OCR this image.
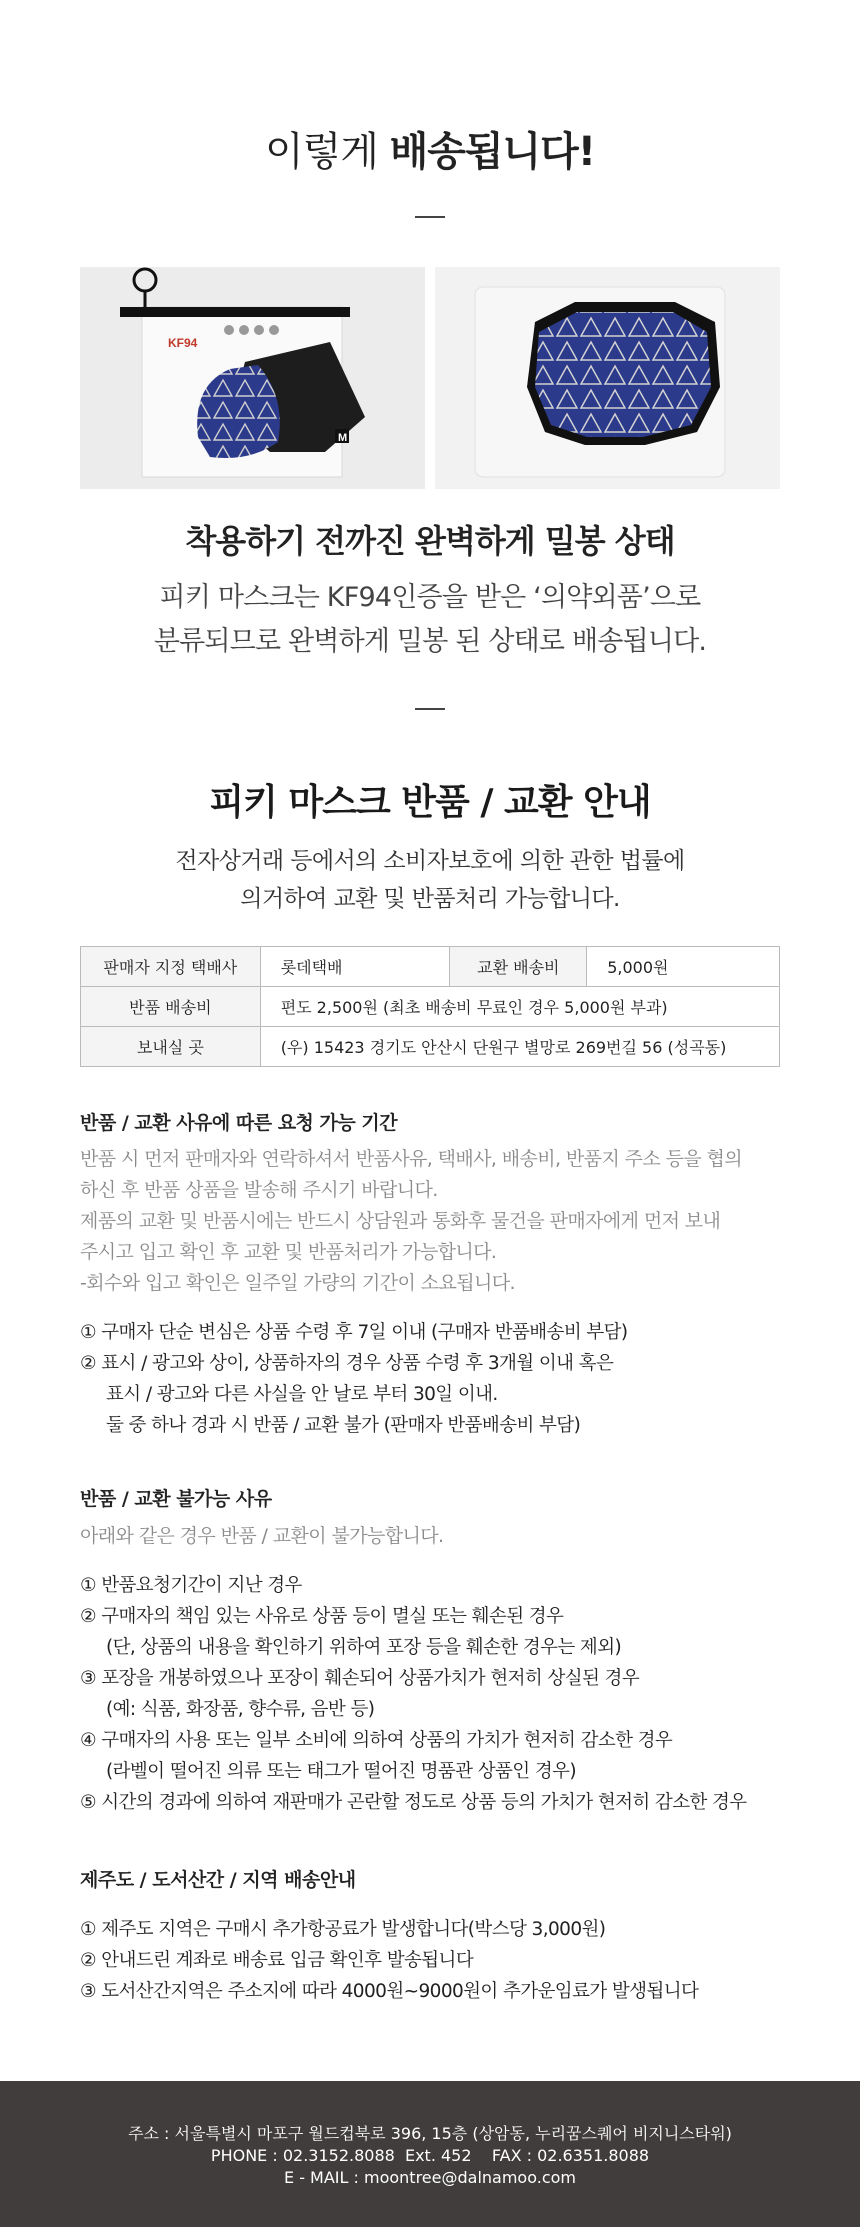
이렇게 배송됩니다!
KF94
M
착용하기 전까진 완벽하게 밀봉 상태
피키 마스크는 KF94인증을 받은 ‘의약외품’으로
분류되므로 완벽하게 밀봉 된 상태로 배송됩니다.
피키 마스크 반품 / 교환 안내
전자상거래 등에서의 소비자보호에 의한 관한 법률에
의거하여 교환 및 반품처리 가능합니다.
판매자 지정 택배사	롯데택배	교환 배송비	5,000원
반품 배송비	편도 2,500원 (최초 배송비 무료인 경우 5,000원 부과)		
보내실 곳	(우) 15423 경기도 안산시 단원구 별망로 269번길 56 (성곡동)		
반품 / 교환 사유에 따른 요청 가능 기간
반품 시 먼저 판매자와 연락하셔서 반품사유, 택배사, 배송비, 반품지 주소 등을 협의
하신 후 반품 상품을 발송해 주시기 바랍니다.
제품의 교환 및 반품시에는 반드시 상담원과 통화후 물건을 판매자에게 먼저 보내
주시고 입고 확인 후 교환 및 반품처리가 가능합니다.
-회수와 입고 확인은 일주일 가량의 기간이 소요됩니다.
① 구매자 단순 변심은 상품 수령 후 7일 이내 (구매자 반품배송비 부담)
② 표시 / 광고와 상이, 상품하자의 경우 상품 수령 후 3개월 이내 혹은
표시 / 광고와 다른 사실을 안 날로 부터 30일 이내.
둘 중 하나 경과 시 반품 / 교환 불가 (판매자 반품배송비 부담)
반품 / 교환 불가능 사유
아래와 같은 경우 반품 / 교환이 불가능합니다.
① 반품요청기간이 지난 경우
② 구매자의 책임 있는 사유로 상품 등이 멸실 또는 훼손된 경우
(단, 상품의 내용을 확인하기 위하여 포장 등을 훼손한 경우는 제외)
③ 포장을 개봉하였으나 포장이 훼손되어 상품가치가 현저히 상실된 경우
(예: 식품, 화장품, 향수류, 음반 등)
④ 구매자의 사용 또는 일부 소비에 의하여 상품의 가치가 현저히 감소한 경우
(라벨이 떨어진 의류 또는 태그가 떨어진 명품관 상품인 경우)
⑤ 시간의 경과에 의하여 재판매가 곤란할 정도로 상품 등의 가치가 현저히 감소한 경우
제주도 / 도서산간 / 지역 배송안내
① 제주도 지역은 구매시 추가항공료가 발생합니다(박스당 3,000원)
② 안내드린 계좌로 배송료 입금 확인후 발송됩니다
③ 도서산간지역은 주소지에 따라 4000원~9000원이 추가운임료가 발생됩니다

주소 : 서울특별시 마포구 월드컵북로 396, 15층 (상암동, 누리꿈스퀘어 비지니스타워)

PHONE : 02.3152.8088  Ext. 452    FAX : 02.6351.8088

E - MAIL : moontree@dalnamoo.com
